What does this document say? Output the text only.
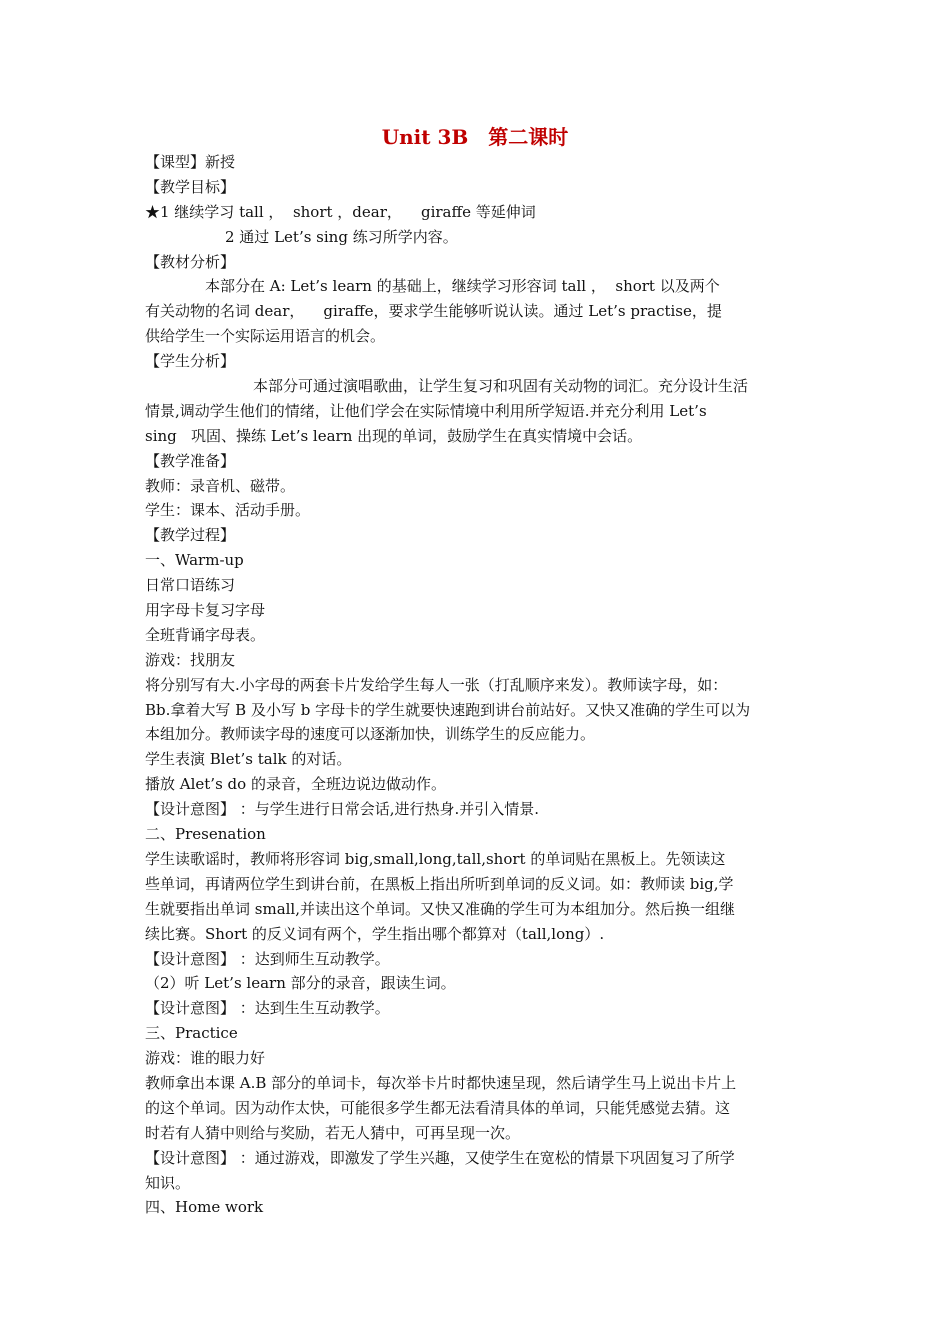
Unit 3B　第二课时
【课型】新授
【教学目标】
★1 继续学习 tall ，  short ，dear，    giraffe 等延伸词
2 通过 Let’s sing 练习所学内容。
【教材分析】
本部分在 A: Let’s learn 的基础上，继续学习形容词 tall ，  short 以及两个
有关动物的名词 dear，    giraffe，要求学生能够听说认读。通过 Let’s practise，提
供给学生一个实际运用语言的机会。
【学生分析】
本部分可通过演唱歌曲，让学生复习和巩固有关动物的词汇。充分设计生活
情景,调动学生他们的情绪，让他们学会在实际情境中利用所学短语.并充分利用 Let’s
sing   巩固、操练 Let’s learn 出现的单词，鼓励学生在真实情境中会话。
【教学准备】
教师：录音机、磁带。
学生：课本、活动手册。
【教学过程】
一、Warm-up
日常口语练习
用字母卡复习字母
全班背诵字母表。
游戏：找朋友
将分别写有大.小字母的两套卡片发给学生每人一张（打乱顺序来发）。教师读字母，如：
Bb.拿着大写 B 及小写 b 字母卡的学生就要快速跑到讲台前站好。又快又准确的学生可以为
本组加分。教师读字母的速度可以逐渐加快，训练学生的反应能力。
学生表演 Blet’s talk 的对话。
播放 Alet’s do 的录音，全班边说边做动作。
【设计意图】 ：与学生进行日常会话,进行热身.并引入情景.
二、Presenation
学生读歌谣时，教师将形容词 big,small,long,tall,short 的单词贴在黑板上。先领读这
些单词，再请两位学生到讲台前，在黑板上指出所听到单词的反义词。如：教师读 big,学
生就要指出单词 small,并读出这个单词。又快又准确的学生可为本组加分。然后换一组继
续比赛。Short 的反义词有两个，学生指出哪个都算对（tall,long）.
【设计意图】 ：达到师生互动教学。
（2）听 Let’s learn 部分的录音，跟读生词。
【设计意图】 ：达到生生互动教学。
三、Practice
游戏：谁的眼力好
教师拿出本课 A.B 部分的单词卡，每次举卡片时都快速呈现，然后请学生马上说出卡片上
的这个单词。因为动作太快，可能很多学生都无法看清具体的单词，只能凭感觉去猜。这
时若有人猜中则给与奖励，若无人猜中，可再呈现一次。
【设计意图】 ：通过游戏，即激发了学生兴趣，又使学生在宽松的情景下巩固复习了所学
知识。
四、Home work
